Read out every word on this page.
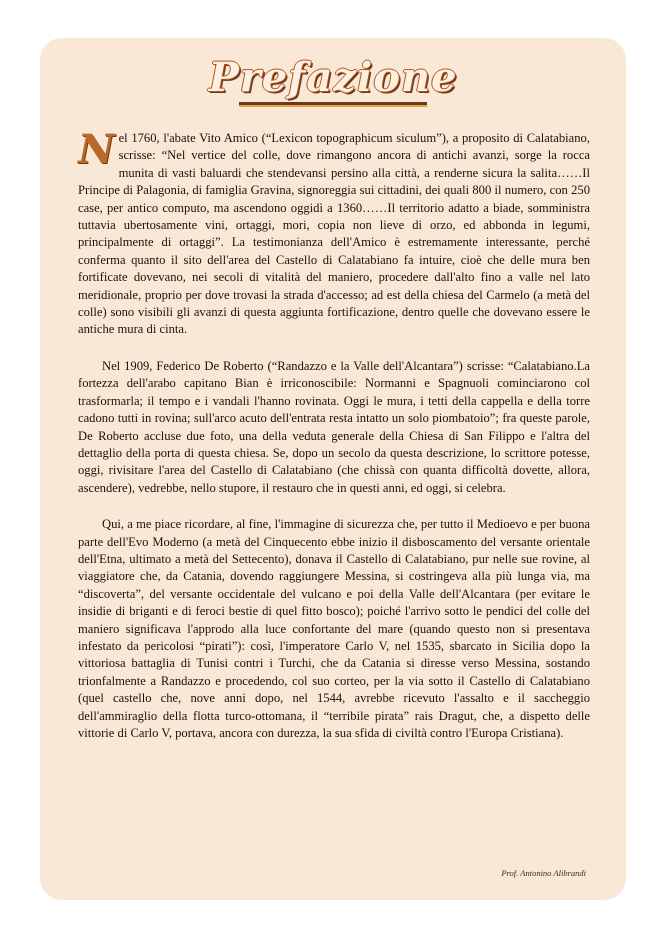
Prefazione

Nel 1760, l'abate Vito Amico (“Lexicon topographicum siculum”), a proposito di Calatabiano, scrisse: “Nel vertice del colle, dove rimangono ancora di antichi avanzi, sorge la rocca munita di vasti baluardi che stendevansi persino alla città, a renderne sicura la salita……Il Principe di Palagonia, di famiglia Gravina, signoreggia sui cittadini, dei quali 800 il numero, con 250 case, per antico computo, ma ascendono oggidì a 1360……Il territorio adatto a biade, somministra tuttavia ubertosamente vini, ortaggi, mori, copia non lieve di orzo, ed abbonda in legumi, principalmente di ortaggi”. La testimonianza dell'Amico è estremamente interessante, perché conferma quanto il sito dell'area del Castello di Calatabiano fa intuire, cioè che delle mura ben fortificate dovevano, nei secoli di vitalità del maniero, procedere dall'alto fino a valle nel lato meridionale, proprio per dove trovasi la strada d'accesso; ad est della chiesa del Carmelo (a metà del colle) sono visibili gli avanzi di questa aggiunta fortificazione, dentro quelle che dovevano essere le antiche mura di cinta.

Nel 1909, Federico De Roberto (“Randazzo e la Valle dell'Alcantara”) scrisse: “Calatabiano.La fortezza dell'arabo capitano Bian è irriconoscibile: Normanni e Spagnuoli cominciarono col trasformarla; il tempo e i vandali l'hanno rovinata. Oggi le mura, i tetti della cappella e della torre cadono tutti in rovina; sull'arco acuto dell'entrata resta intatto un solo piombatoio”; fra queste parole, De Roberto accluse due foto, una della veduta generale della Chiesa di San Filippo e l'altra del dettaglio della porta di questa chiesa. Se, dopo un secolo da questa descrizione, lo scrittore potesse, oggi, rivisitare l'area del Castello di Calatabiano (che chissà con quanta difficoltà dovette, allora, ascendere), vedrebbe, nello stupore, il restauro che in questi anni, ed oggi, si celebra.

Qui, a me piace ricordare, al fine, l'immagine di sicurezza che, per tutto il Medioevo e per buona parte dell'Evo Moderno (a metà del Cinquecento ebbe inizio il disboscamento del versante orientale dell'Etna, ultimato a metà del Settecento), donava il Castello di Calatabiano, pur nelle sue rovine, al viaggiatore che, da Catania, dovendo raggiungere Messina, si costringeva alla più lunga via, ma “discoverta”, del versante occidentale del vulcano e poi della Valle dell'Alcantara (per evitare le insidie di briganti e di feroci bestie di quel fitto bosco); poiché l'arrivo sotto le pendici del colle del maniero significava l'approdo alla luce confortante del mare (quando questo non si presentava infestato da pericolosi “pirati”): così, l'imperatore Carlo V, nel 1535, sbarcato in Sicilia dopo la vittoriosa battaglia di Tunisi contri i Turchi, che da Catania si diresse verso Messina, sostando trionfalmente a Randazzo e procedendo, col suo corteo, per la via sotto il Castello di Calatabiano (quel castello che, nove anni dopo, nel 1544, avrebbe ricevuto l'assalto e il saccheggio dell'ammiraglio della flotta turco-ottomana, il “terribile pirata” rais Dragut, che, a dispetto delle vittorie di Carlo V, portava, ancora con durezza, la sua sfida di civiltà contro l'Europa Cristiana).

Prof. Antonino Alibrandi
